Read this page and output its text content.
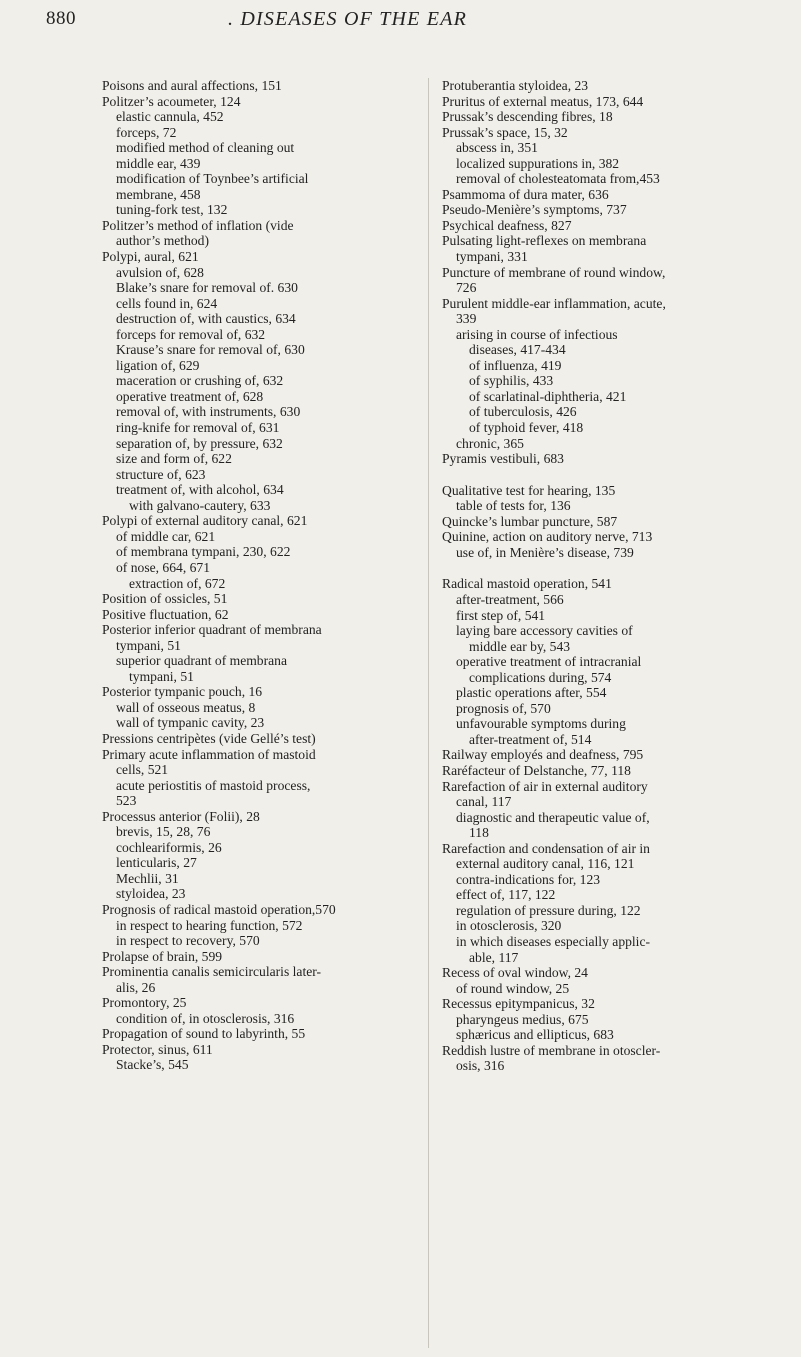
880	. DISEASES OF THE EAR
Poisons and aural affections, 151
Politzer’s acoumeter, 124
elastic cannula, 452
forceps, 72
modified method of cleaning out
middle ear, 439
modification of Toynbee’s artificial
membrane, 458
tuning-fork test, 132
Politzer’s method of inflation (vide
author’s method)
Polypi, aural, 621
avulsion of, 628
Blake’s snare for removal of. 630
cells found in, 624
destruction of, with caustics, 634
forceps for removal of, 632
Krause’s snare for removal of, 630
ligation of, 629
maceration or crushing of, 632
operative treatment of, 628
removal of, with instruments, 630
ring-knife for removal of, 631
separation of, by pressure, 632
size and form of, 622
structure of, 623
treatment of, with alcohol, 634
with galvano-cautery, 633
Polypi of external auditory canal, 621
of middle car, 621
of membrana tympani, 230, 622
of nose, 664, 671
extraction of, 672
Position of ossicles, 51
Positive fluctuation, 62
Posterior inferior quadrant of membrana
tympani, 51
superior quadrant of membrana
tympani, 51
Posterior tympanic pouch, 16
wall of osseous meatus, 8
wall of tympanic cavity, 23
Pressions centripètes (vide Gellé’s test)
Primary acute inflammation of mastoid
cells, 521
acute periostitis of mastoid process,
523
Processus anterior (Folii), 28
brevis, 15, 28, 76
cochleariformis, 26
lenticularis, 27
Mechlii, 31
styloidea, 23
Prognosis of radical mastoid operation,570
in respect to hearing function, 572
in respect to recovery, 570
Prolapse of brain, 599
Prominentia canalis semicircularis later-
alis, 26
Promontory, 25
condition of, in otosclerosis, 316
Propagation of sound to labyrinth, 55
Protector, sinus, 611
Stacke’s, 545
Protuberantia styloidea, 23
Pruritus of external meatus, 173, 644
Prussak’s descending fibres, 18
Prussak’s space, 15, 32
abscess in, 351
localized suppurations in, 382
removal of cholesteatomata from,453
Psammoma of dura mater, 636
Pseudo-Menière’s symptoms, 737
Psychical deafness, 827
Pulsating light-reflexes on membrana
tympani, 331
Puncture of membrane of round window,
726
Purulent middle-ear inflammation, acute,
339
arising in course of infectious
diseases, 417-434
of influenza, 419
of syphilis, 433
of scarlatinal-diphtheria, 421
of tuberculosis, 426
of typhoid fever, 418
chronic, 365
Pyramis vestibuli, 683
Qualitative test for hearing, 135
table of tests for, 136
Quincke’s lumbar puncture, 587
Quinine, action on auditory nerve, 713
use of, in Menière’s disease, 739
Radical mastoid operation, 541
after-treatment, 566
first step of, 541
laying bare accessory cavities of
middle ear by, 543
operative treatment of intracranial
complications during, 574
plastic operations after, 554
prognosis of, 570
unfavourable symptoms during
after-treatment of, 514
Railway employés and deafness, 795
Raréfacteur of Delstanche, 77, 118
Rarefaction of air in external auditory
canal, 117
diagnostic and therapeutic value of,
118
Rarefaction and condensation of air in
external auditory canal, 116, 121
contra-indications for, 123
effect of, 117, 122
regulation of pressure during, 122
in otosclerosis, 320
in which diseases especially applic-
able, 117
Recess of oval window, 24
of round window, 25
Recessus epitympanicus, 32
pharyngeus medius, 675
sphæricus and ellipticus, 683
Reddish lustre of membrane in otoscler-
osis, 316
